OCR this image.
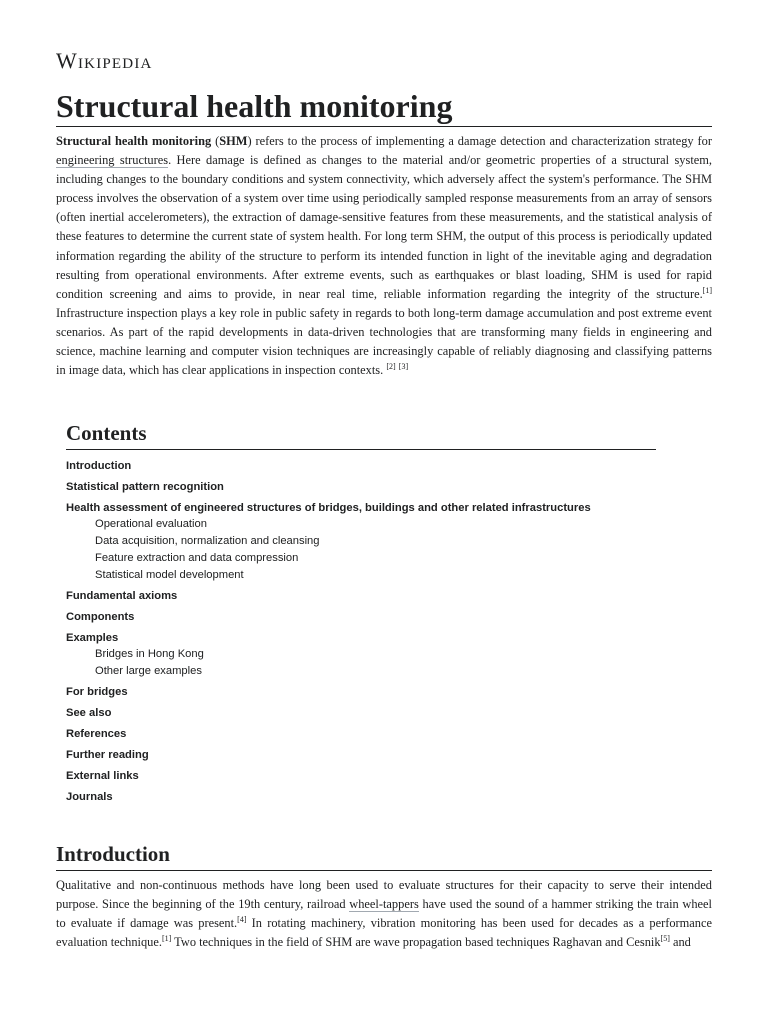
Wikipedia
Structural health monitoring

Structural health monitoring (SHM) refers to the process of implementing a damage detection and characterization strategy for engineering structures. Here damage is defined as changes to the material and/or geometric properties of a structural system, including changes to the boundary conditions and system connectivity, which adversely affect the system's performance. The SHM process involves the observation of a system over time using periodically sampled response measurements from an array of sensors (often inertial accelerometers), the extraction of damage-sensitive features from these measurements, and the statistical analysis of these features to determine the current state of system health. For long term SHM, the output of this process is periodically updated information regarding the ability of the structure to perform its intended function in light of the inevitable aging and degradation resulting from operational environments. After extreme events, such as earthquakes or blast loading, SHM is used for rapid condition screening and aims to provide, in near real time, reliable information regarding the integrity of the structure.[1] Infrastructure inspection plays a key role in public safety in regards to both long-term damage accumulation and post extreme event scenarios. As part of the rapid developments in data-driven technologies that are transforming many fields in engineering and science, machine learning and computer vision techniques are increasingly capable of reliably diagnosing and classifying patterns in image data, which has clear applications in inspection contexts. [2] [3]

Contents
Introduction
Statistical pattern recognition
Health assessment of engineered structures of bridges, buildings and other related infrastructures
Operational evaluation
Data acquisition, normalization and cleansing
Feature extraction and data compression
Statistical model development
Fundamental axioms
Components
Examples
Bridges in Hong Kong
Other large examples
For bridges
See also
References
Further reading
External links
Journals
Introduction

Qualitative and non-continuous methods have long been used to evaluate structures for their capacity to serve their intended purpose. Since the beginning of the 19th century, railroad wheel-tappers have used the sound of a hammer striking the train wheel to evaluate if damage was present.[4] In rotating machinery, vibration monitoring has been used for decades as a performance evaluation technique.[1] Two techniques in the field of SHM are wave propagation based techniques Raghavan and Cesnik[5] and
